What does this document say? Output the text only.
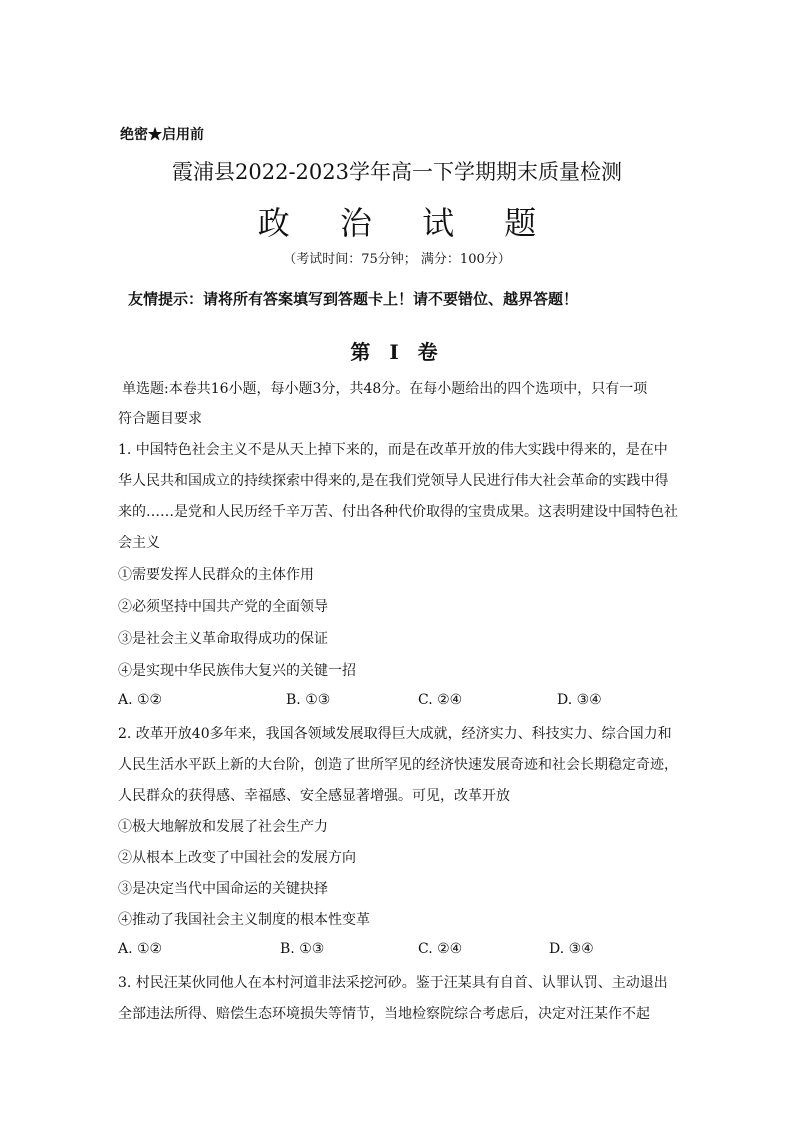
绝密★启用前
霞浦县2022-2023学年高一下学期期末质量检测
政 治 试 题
（考试时间：75分钟； 满分：100分）
友情提示：请将所有答案填写到答题卡上！请不要错位、越界答题！
第 Ⅰ 卷
单选题:本卷共16小题，每小题3分，共48分。在每小题给出的四个选项中，只有一项
符合题目要求
1. 中国特色社会主义不是从天上掉下来的，而是在改革开放的伟大实践中得来的，是在中
华人民共和国成立的持续探索中得来的,是在我们党领导人民进行伟大社会革命的实践中得
来的……是党和人民历经千辛万苦、付出各种代价取得的宝贵成果。这表明建设中国特色社
会主义
①需要发挥人民群众的主体作用
②必须坚持中国共产党的全面领导
③是社会主义革命取得成功的保证
④是实现中华民族伟大复兴的关键一招
A. ①②	B. ①③	C. ②④	D. ③④
2. 改革开放40多年来，我国各领域发展取得巨大成就，经济实力、科技实力、综合国力和
人民生活水平跃上新的大台阶，创造了世所罕见的经济快速发展奇迹和社会长期稳定奇迹，
人民群众的获得感、幸福感、安全感显著增强。可见，改革开放
①极大地解放和发展了社会生产力
②从根本上改变了中国社会的发展方向
③是决定当代中国命运的关键抉择
④推动了我国社会主义制度的根本性变革
A. ①②	B. ①③	C. ②④	D. ③④
3. 村民汪某伙同他人在本村河道非法采挖河砂。鉴于汪某具有自首、认罪认罚、主动退出
全部违法所得、赔偿生态环境损失等情节，当地检察院综合考虑后，决定对汪某作不起
